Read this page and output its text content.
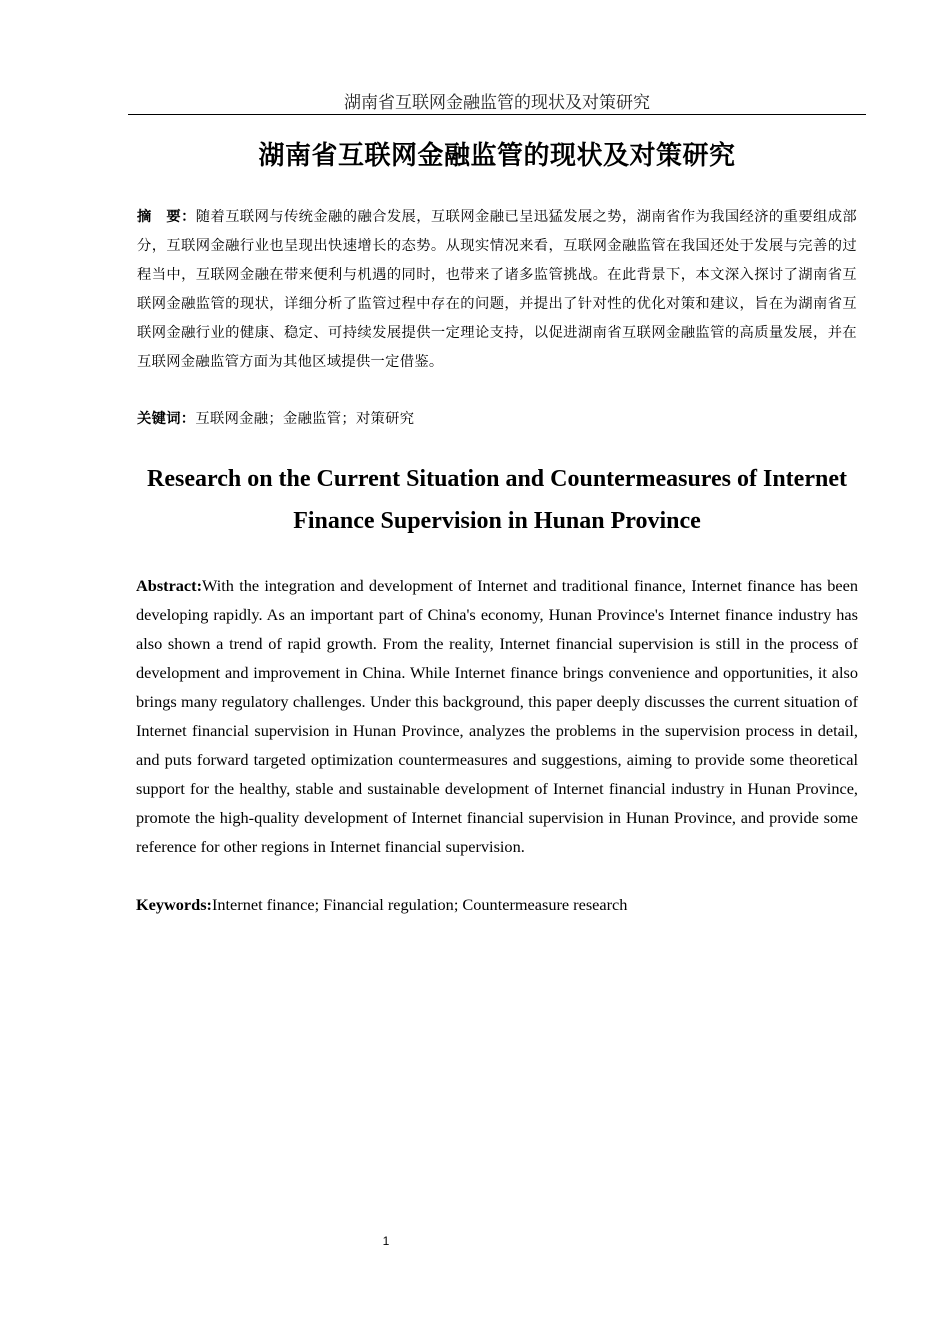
湖南省互联网金融监管的现状及对策研究
湖南省互联网金融监管的现状及对策研究
摘　要：随着互联网与传统金融的融合发展，互联网金融已呈迅猛发展之势，湖南省作为我国经济的重要组成部分，互联网金融行业也呈现出快速增长的态势。从现实情况来看，互联网金融监管在我国还处于发展与完善的过程当中，互联网金融在带来便利与机遇的同时，也带来了诸多监管挑战。在此背景下，本文深入探讨了湖南省互联网金融监管的现状，详细分析了监管过程中存在的问题，并提出了针对性的优化对策和建议，旨在为湖南省互联网金融行业的健康、稳定、可持续发展提供一定理论支持，以促进湖南省互联网金融监管的高质量发展，并在互联网金融监管方面为其他区域提供一定借鉴。
关键词：互联网金融；金融监管；对策研究
Research on the Current Situation and Countermeasures of Internet Finance Supervision in Hunan Province
Abstract:With the integration and development of Internet and traditional finance, Internet finance has been developing rapidly. As an important part of China's economy, Hunan Province's Internet finance industry has also shown a trend of rapid growth. From the reality, Internet financial supervision is still in the process of development and improvement in China. While Internet finance brings convenience and opportunities, it also brings many regulatory challenges. Under this background, this paper deeply discusses the current situation of Internet financial supervision in Hunan Province, analyzes the problems in the supervision process in detail, and puts forward targeted optimization countermeasures and suggestions, aiming to provide some theoretical support for the healthy, stable and sustainable development of Internet financial industry in Hunan Province, promote the high-quality development of Internet financial supervision in Hunan Province, and provide some reference for other regions in Internet financial supervision.
Keywords:Internet finance; Financial regulation; Countermeasure research
1
